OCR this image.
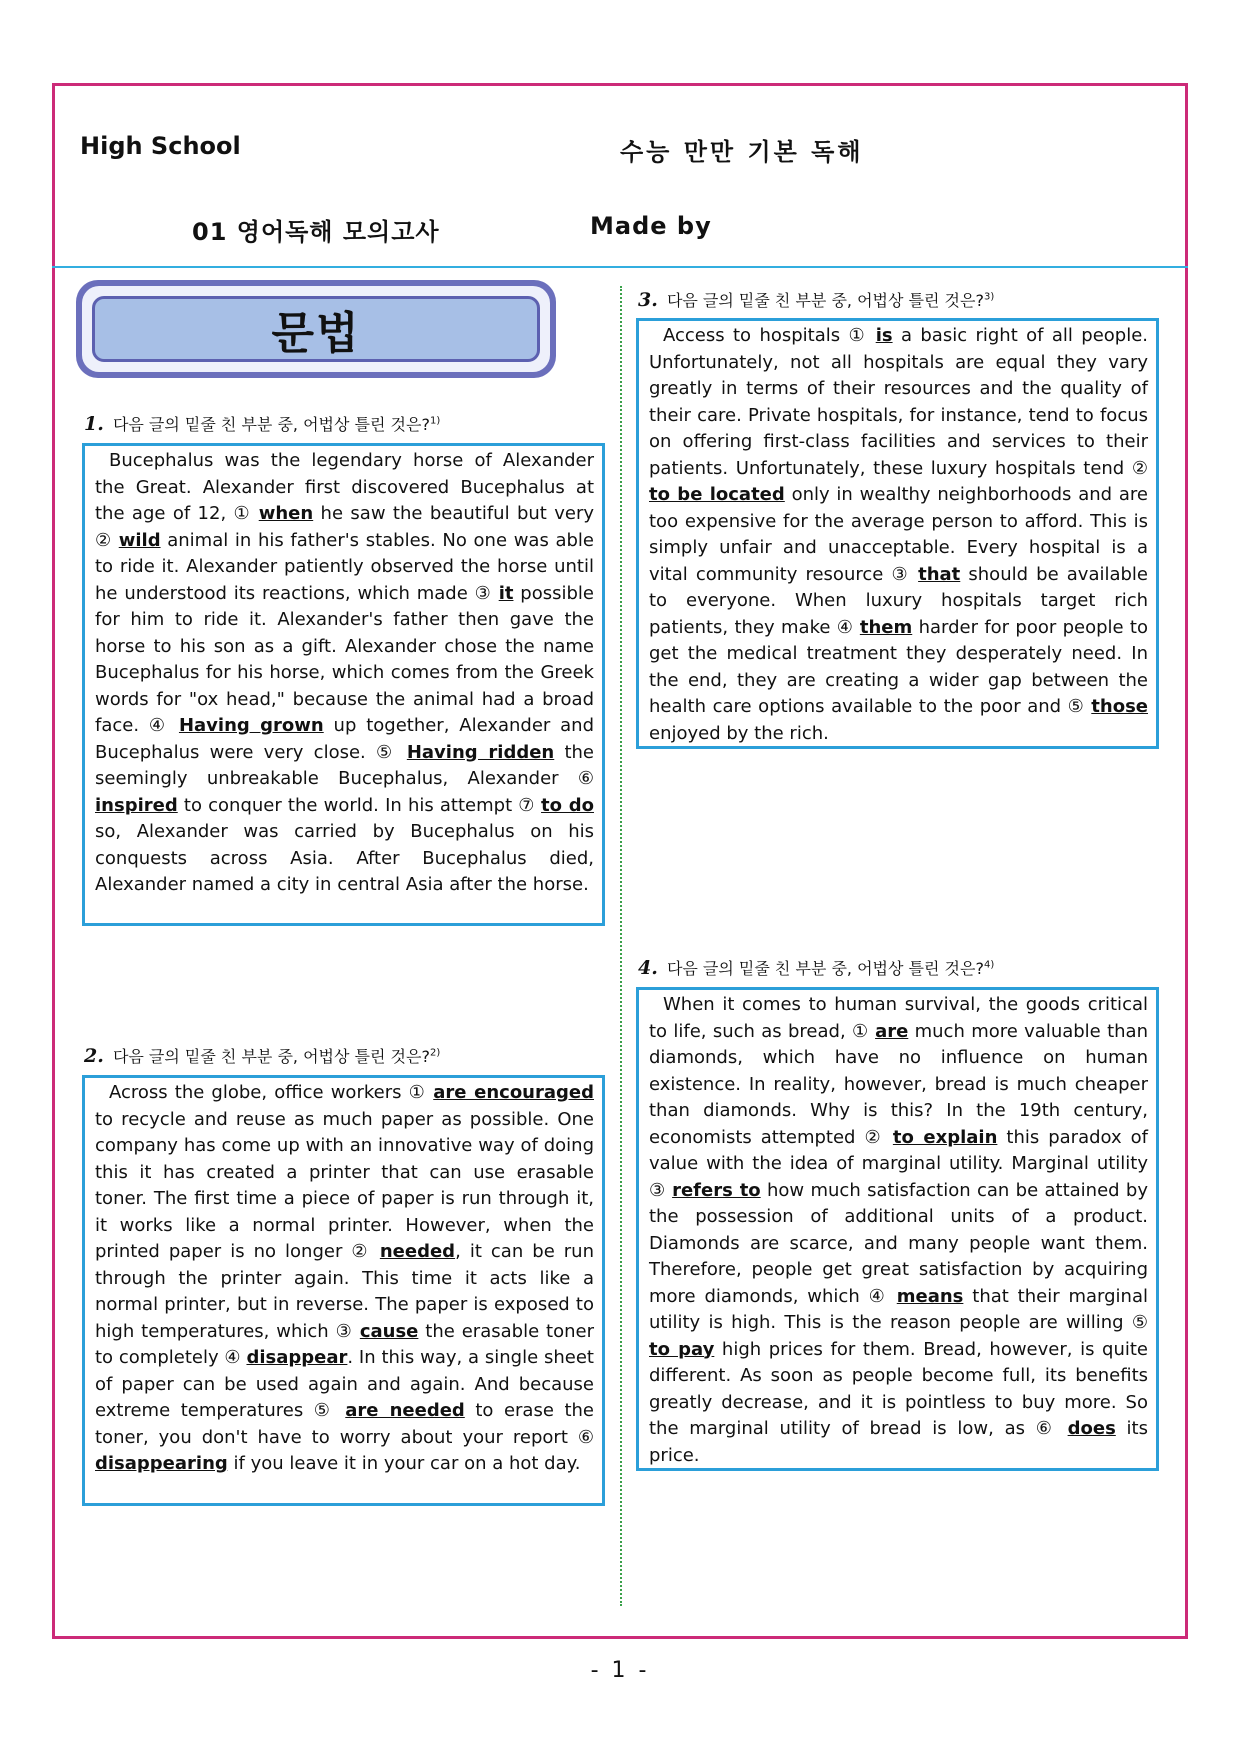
High School	수능 만만 기본 독해
01 영어독해 모의고사	Made by
문법
1. 다음 글의 밑줄 친 부분 중, 어법상 틀린 것은?$^{1)}$

Bucephalus was the legendary horse of Alexander the Great. Alexander first discovered Bucephalus at the age of 12, ① when he saw the beautiful but very ② wild animal in his father's stables. No one was able to ride it. Alexander patiently observed the horse until he understood its reactions, which made ③ it possible for him to ride it. Alexander's father then gave the horse to his son as a gift. Alexander chose the name Bucephalus for his horse, which comes from the Greek words for "ox head," because the animal had a broad face. ④ Having grown up together, Alexander and Bucephalus were very close. ⑤ Having ridden the seemingly unbreakable Bucephalus, Alexander ⑥ inspired to conquer the world. In his attempt ⑦ to do so, Alexander was carried by Bucephalus on his conquests across Asia. After Bucephalus died, Alexander named a city in central Asia after the horse.

2. 다음 글의 밑줄 친 부분 중, 어법상 틀린 것은?$^{2)}$

Across the globe, office workers ① are encouraged to recycle and reuse as much paper as possible. One company has come up with an innovative way of doing this it has created a printer that can use erasable toner. The first time a piece of paper is run through it, it works like a normal printer. However, when the printed paper is no longer ② needed, it can be run through the printer again. This time it acts like a normal printer, but in reverse. The paper is exposed to high temperatures, which ③ cause the erasable toner to completely ④ disappear. In this way, a single sheet of paper can be used again and again. And because extreme temperatures ⑤ are needed to erase the toner, you don't have to worry about your report ⑥ disappearing if you leave it in your car on a hot day.

3. 다음 글의 밑줄 친 부분 중, 어법상 틀린 것은?$^{3)}$

Access to hospitals ① is a basic right of all people. Unfortunately, not all hospitals are equal they vary greatly in terms of their resources and the quality of their care. Private hospitals, for instance, tend to focus on offering first-class facilities and services to their patients. Unfortunately, these luxury hospitals tend ② to be located only in wealthy neighborhoods and are too expensive for the average person to afford. This is simply unfair and unacceptable. Every hospital is a vital community resource ③ that should be available to everyone. When luxury hospitals target rich patients, they make ④ them harder for poor people to get the medical treatment they desperately need. In the end, they are creating a wider gap between the health care options available to the poor and ⑤ those enjoyed by the rich.

4. 다음 글의 밑줄 친 부분 중, 어법상 틀린 것은?$^{4)}$

When it comes to human survival, the goods critical to life, such as bread, ① are much more valuable than diamonds, which have no influence on human existence. In reality, however, bread is much cheaper than diamonds. Why is this? In the 19th century, economists attempted ② to explain this paradox of value with the idea of marginal utility. Marginal utility ③ refers to how much satisfaction can be attained by the possession of additional units of a product. Diamonds are scarce, and many people want them. Therefore, people get great satisfaction by acquiring more diamonds, which ④ means that their marginal utility is high. This is the reason people are willing ⑤ to pay high prices for them. Bread, however, is quite different. As soon as people become full, its benefits greatly decrease, and it is pointless to buy more. So the marginal utility of bread is low, as ⑥ does its price.

- 1 -
